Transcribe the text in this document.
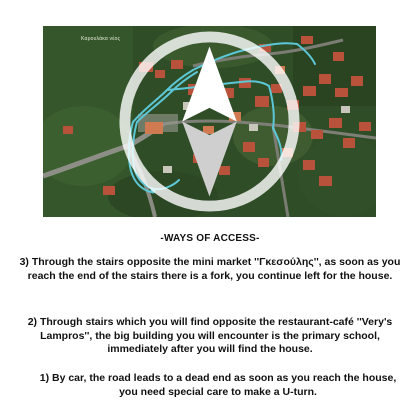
Καρουλάκα νέος
-WAYS OF ACCESS-
3) Through the stairs opposite the mini market ''Γκεσούλης'', as soon as you reach the end of the stairs there is a fork, you continue left for the house.
2) Through stairs which you will find opposite the restaurant-café ''Very's Lampros'', the big building you will encounter is the primary school, immediately after you will find the house.
1) By car, the road leads to a dead end as soon as you reach the house, you need special care to make a U-turn.
